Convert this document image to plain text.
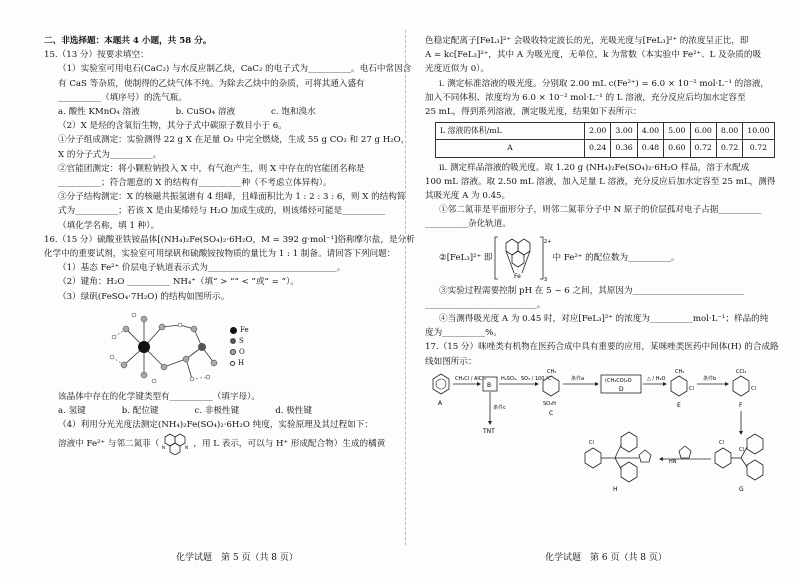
二、非选择题：本题共 4 小题，共 58 分。
15.（13 分）按要求填空：
（1）实验室可用电石(CaC₂) 与水反应制乙炔，CaC₂ 的电子式为__________。电石中常因含
有 CaS 等杂质，使制得的乙炔气体不纯。为除去乙炔中的杂质，可将其通入盛有
__________（填序号）的洗气瓶。
a. 酸性 KMnO₄ 溶液	b. CuSO₄ 溶液	c. 饱和溴水
（2）X 是烃的含氧衍生物，其分子式中碳原子数目小于 6。
①分子组成测定：实验测得 22 g X 在足量 O₂ 中完全燃烧，生成 55 g CO₂ 和 27 g H₂O，
X 的分子式为__________。
②官能团测定：将小颗粒钠投入 X 中，有气泡产生，则 X 中存在的官能团名称是
__________；符合题意的 X 的结构有__________种（不考虑立体异构）。
③分子结构测定：X 的核磁共振氢谱有 4 组峰，且峰面积比为 1 : 2 : 3 : 6，则 X 的结构简
式为__________；若该 X 是由某烯烃与 H₂O 加成生成的，则该烯烃可能是__________
（填化学名称，填 1 种）。
16.（15 分）硫酸亚铁铵晶体[(NH₄)₂Fe(SO₄)₂·6H₂O，M = 392 g·mol⁻¹]俗称摩尔盐，是分析
化学中的重要试剂，实验室可用绿矾和硫酸铵按物质的量比为 1 : 1 制备。请回答下列问题：
（1）基态 Fe²⁺ 价层电子轨道表示式为______________________________。
（2）键角：H₂O __________ NH₄⁺（填“ > ”“ < ”或“ = ”）。
（3）绿矾(FeSO₄·7H₂O) 的结构如图所示。
Fe
S
O
H
该晶体中存在的化学键类型有__________（填字母）。
a. 氢键	b. 配位键	c. 非极性键	d. 极性键
（4）利用分光光度法测定(NH₄)₂Fe(SO₄)₂·6H₂O 纯度，实验原理及其过程如下：
溶液中 Fe²⁺ 与邻二氮菲（ N	N ，用 L 表示，可以与 H⁺ 形成配合物）生成的橘黄
化学试题　第 5 页（共 8 页）
色稳定配离子[FeL₃]²⁺ 会吸收特定波长的光，光吸光度与[FeL₃]²⁺ 的浓度呈正比，即
A = kc[FeL₃]²⁺，其中 A 为吸光度，无单位，k 为常数（本实验中 Fe²⁺、L 及杂质的吸
光度近似为 0）。
ⅰ. 测定标准溶液的吸光度。分别取 2.00 mL c(Fe²⁺) = 6.0 × 10⁻² mol·L⁻¹ 的溶液，
加入不同体积、浓度均为 6.0 × 10⁻² mol·L⁻¹ 的 L 溶液，充分反应后均加水定容至
25 mL，得到系列溶液，测定吸光度，结果如下表所示：
L 溶液的体积/mL	2.00	3.00	4.00	5.00	6.00	8.00	10.00
A	0.24	0.36	0.48	0.60	0.72	0.72	0.72
ⅱ. 测定样品溶液的吸光度。取 1.20 g (NH₄)₂Fe(SO₄)₂·6H₂O 样品，溶于水配成
100 mL 溶液。取 2.50 mL 溶液，加入足量 L 溶液，充分反应后加水定容至 25 mL，测得
其吸光度 A 为 0.45。
①邻二氮菲是平面形分子，则邻二氮菲分子中 N 原子的价层孤对电子占据__________
__________杂化轨道。
②[FeL₃]²⁺ 即
Fe
2+
3
中 Fe²⁺ 的配位数为__________。
③实验过程需要控制 pH 在 5 ~ 6 之间，其原因为__________________________
__________________________。
④当测得吸光度 A 为 0.45 时，对应[FeL₃]²⁺ 的浓度为__________mol·L⁻¹；样品的纯
度为__________%。
17.（15 分）咪唑类有机物在医药合成中具有重要的应用，某咪唑类医药中间体(H) 的合成路
线如图所示：
A
CH₃Cl / AlCl₃
B
条件c
TNT
H₂SO₄、SO₃ / 100 ℃
CH₃
SO₃H
C
条件a	(CH₃CO)₂O
D
△ / H₂O
CH₃
Cl
E
条件b
CCl₃
Cl
F
Cl
Cl
G
HN
Cl
H
化学试题　第 6 页（共 8 页）
